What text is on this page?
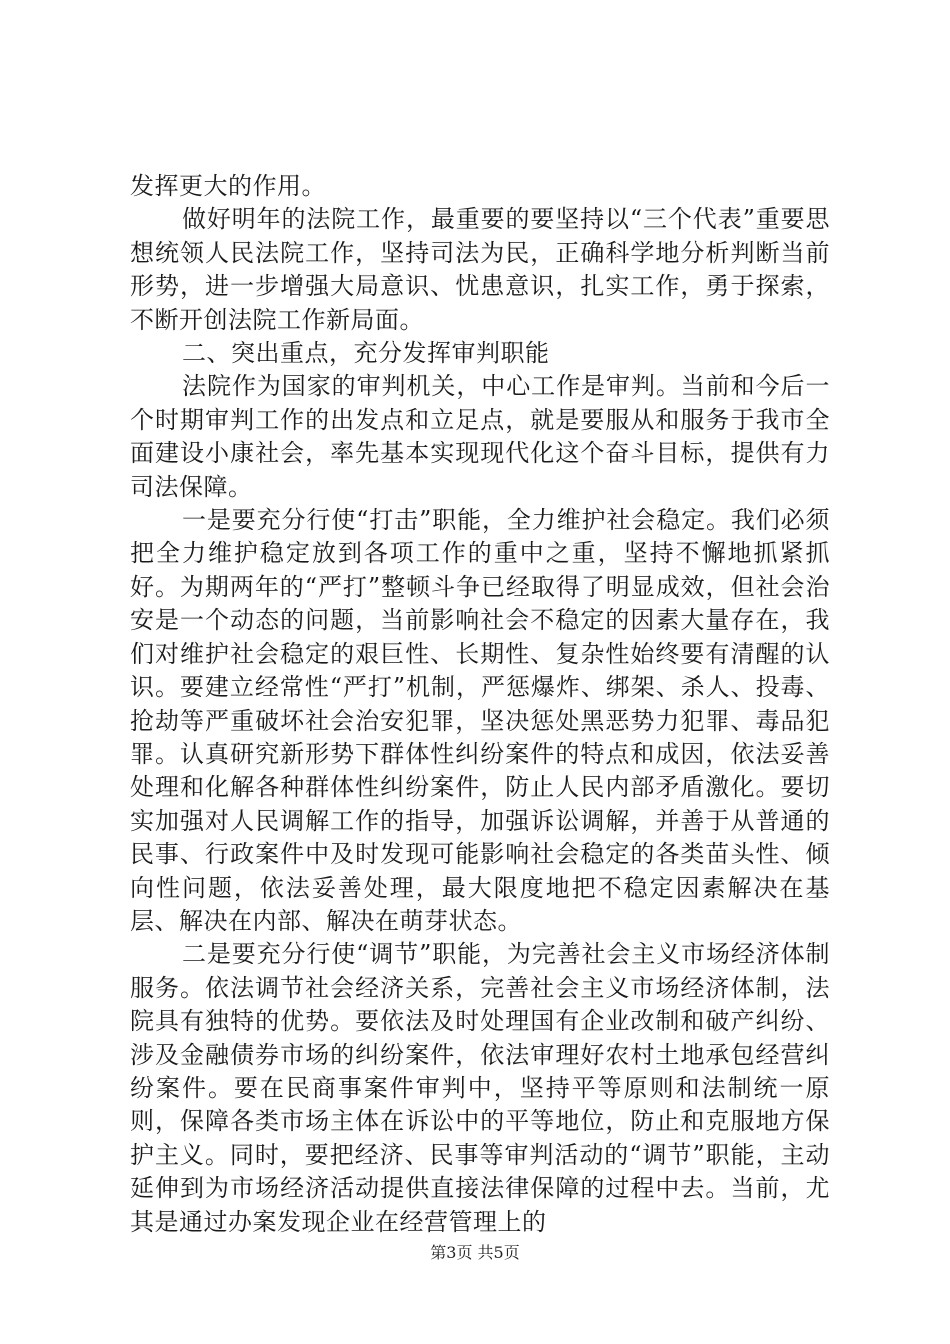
发挥更大的作用。

做好明年的法院工作，最重要的要坚持以“三个代表”重要思想统领人民法院工作，坚持司法为民，正确科学地分析判断当前形势，进一步增强大局意识、忧患意识，扎实工作，勇于探索，不断开创法院工作新局面。

二、突出重点，充分发挥审判职能

法院作为国家的审判机关，中心工作是审判。当前和今后一个时期审判工作的出发点和立足点，就是要服从和服务于我市全面建设小康社会，率先基本实现现代化这个奋斗目标，提供有力司法保障。

一是要充分行使“打击”职能，全力维护社会稳定。我们必须把全力维护稳定放到各项工作的重中之重，坚持不懈地抓紧抓好。为期两年的“严打”整顿斗争已经取得了明显成效，但社会治安是一个动态的问题，当前影响社会不稳定的因素大量存在，我们对维护社会稳定的艰巨性、长期性、复杂性始终要有清醒的认识。要建立经常性“严打”机制，严惩爆炸、绑架、杀人、投毒、抢劫等严重破坏社会治安犯罪，坚决惩处黑恶势力犯罪、毒品犯罪。认真研究新形势下群体性纠纷案件的特点和成因，依法妥善处理和化解各种群体性纠纷案件，防止人民内部矛盾激化。要切实加强对人民调解工作的指导，加强诉讼调解，并善于从普通的民事、行政案件中及时发现可能影响社会稳定的各类苗头性、倾向性问题，依法妥善处理，最大限度地把不稳定因素解决在基层、解决在内部、解决在萌芽状态。

二是要充分行使“调节”职能，为完善社会主义市场经济体制服务。依法调节社会经济关系，完善社会主义市场经济体制，法院具有独特的优势。要依法及时处理国有企业改制和破产纠纷、涉及金融债券市场的纠纷案件，依法审理好农村土地承包经营纠纷案件。要在民商事案件审判中，坚持平等原则和法制统一原则，保障各类市场主体在诉讼中的平等地位，防止和克服地方保护主义。同时，要把经济、民事等审判活动的“调节”职能，主动延伸到为市场经济活动提供直接法律保障的过程中去。当前，尤其是通过办案发现企业在经营管理上的

第3页 共5页
